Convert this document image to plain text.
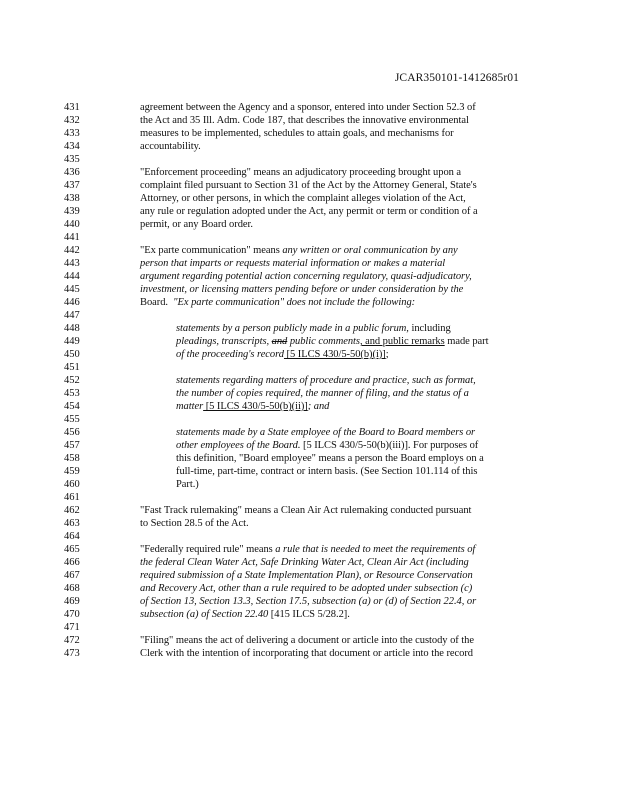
JCAR350101-1412685r01
431
432
433
434
435
436
437
438
439
440
441
442
443
444
445
446
447
448
449
450
451
452
453
454
455
456
457
458
459
460
461
462
463
464
465
466
467
468
469
470
471
472
473
agreement between the Agency and a sponsor, entered into under Section 52.3 of
the Act and 35 Ill. Adm. Code 187, that describes the innovative environmental
measures to be implemented, schedules to attain goals, and mechanisms for
accountability.
"Enforcement proceeding" means an adjudicatory proceeding brought upon a
complaint filed pursuant to Section 31 of the Act by the Attorney General, State's
Attorney, or other persons, in which the complaint alleges violation of the Act,
any rule or regulation adopted under the Act, any permit or term or condition of a
permit, or any Board order.
"Ex parte communication" means any written or oral communication by any
person that imparts or requests material information or makes a material
argument regarding potential action concerning regulatory, quasi-adjudicatory,
investment, or licensing matters pending before or under consideration by the
Board. "Ex parte communication" does not include the following:
statements by a person publicly made in a public forum, including
pleadings, transcripts, and public comments, and public remarks made part
of the proceeding's record [5 ILCS 430/5-50(b)(i)];
statements regarding matters of procedure and practice, such as format,
the number of copies required, the manner of filing, and the status of a
matter [5 ILCS 430/5-50(b)(ii)]; and
statements made by a State employee of the Board to Board members or
other employees of the Board. [5 ILCS 430/5-50(b)(iii)]. For purposes of
this definition, "Board employee" means a person the Board employs on a
full-time, part-time, contract or intern basis. (See Section 101.114 of this
Part.)
"Fast Track rulemaking" means a Clean Air Act rulemaking conducted pursuant
to Section 28.5 of the Act.
"Federally required rule" means a rule that is needed to meet the requirements of
the federal Clean Water Act, Safe Drinking Water Act, Clean Air Act (including
required submission of a State Implementation Plan), or Resource Conservation
and Recovery Act, other than a rule required to be adopted under subsection (c)
of Section 13, Section 13.3, Section 17.5, subsection (a) or (d) of Section 22.4, or
subsection (a) of Section 22.40 [415 ILCS 5/28.2].
"Filing" means the act of delivering a document or article into the custody of the
Clerk with the intention of incorporating that document or article into the record
